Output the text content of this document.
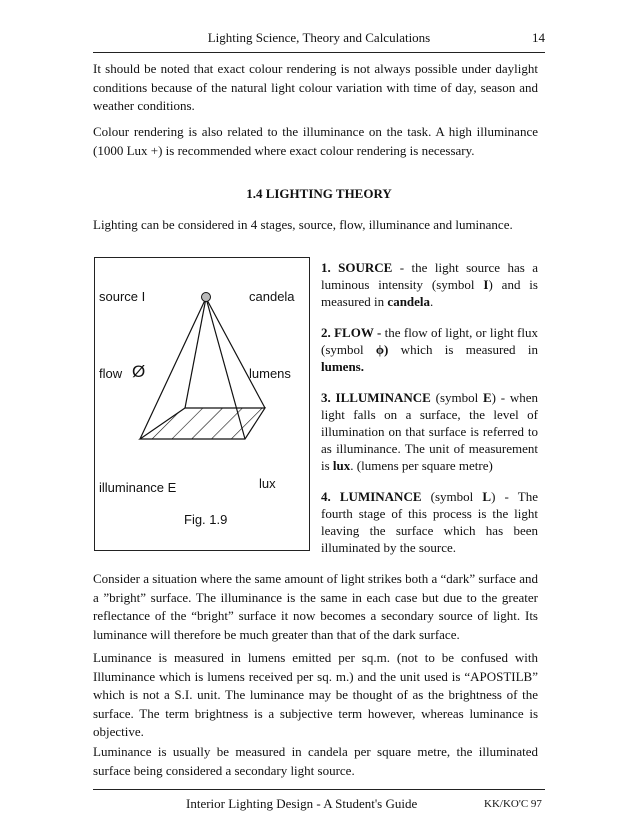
Lighting Science, Theory and Calculations	14
It should be noted that exact colour rendering is not always possible under daylight conditions because of the natural light colour variation with time of day, season and weather conditions.
Colour rendering is also related to the illuminance on the task. A high illuminance (1000 Lux +) is recommended where exact colour rendering is necessary.
1.4 LIGHTING THEORY
Lighting can be considered in 4 stages, source, flow, illuminance and luminance.
source I	candela
flow Ø	lumens
illuminance E	lux
Fig. 1.9

1. SOURCE - the light source has a luminous intensity (symbol I) and is measured in candela.

2. FLOW - the flow of light, or light flux (symbol ϕ) which is measured in lumens.

3. ILLUMINANCE (symbol E) - when light falls on a surface, the level of illumination on that surface is referred to as illuminance. The unit of measurement is lux. (lumens per square metre)

4. LUMINANCE (symbol L) - The fourth stage of this process is the light leaving the surface which has been illuminated by the source.

Consider a situation where the same amount of light strikes both a “dark” surface and a ”bright” surface. The illuminance is the same in each case but due to the greater reflectance of the “bright” surface it now becomes a secondary source of light. Its luminance will therefore be much greater than that of the dark surface.
Luminance is measured in lumens emitted per sq.m. (not to be confused with Illuminance which is lumens received per sq. m.) and the unit used is “APOSTILB” which is not a S.I. unit. The luminance may be thought of as the brightness of the surface. The term brightness is a subjective term however, whereas luminance is objective.
Luminance is usually be measured in candela per square metre, the illuminated surface being considered a secondary light source.
Interior Lighting Design - A Student's Guide	KK/KO'C 97
